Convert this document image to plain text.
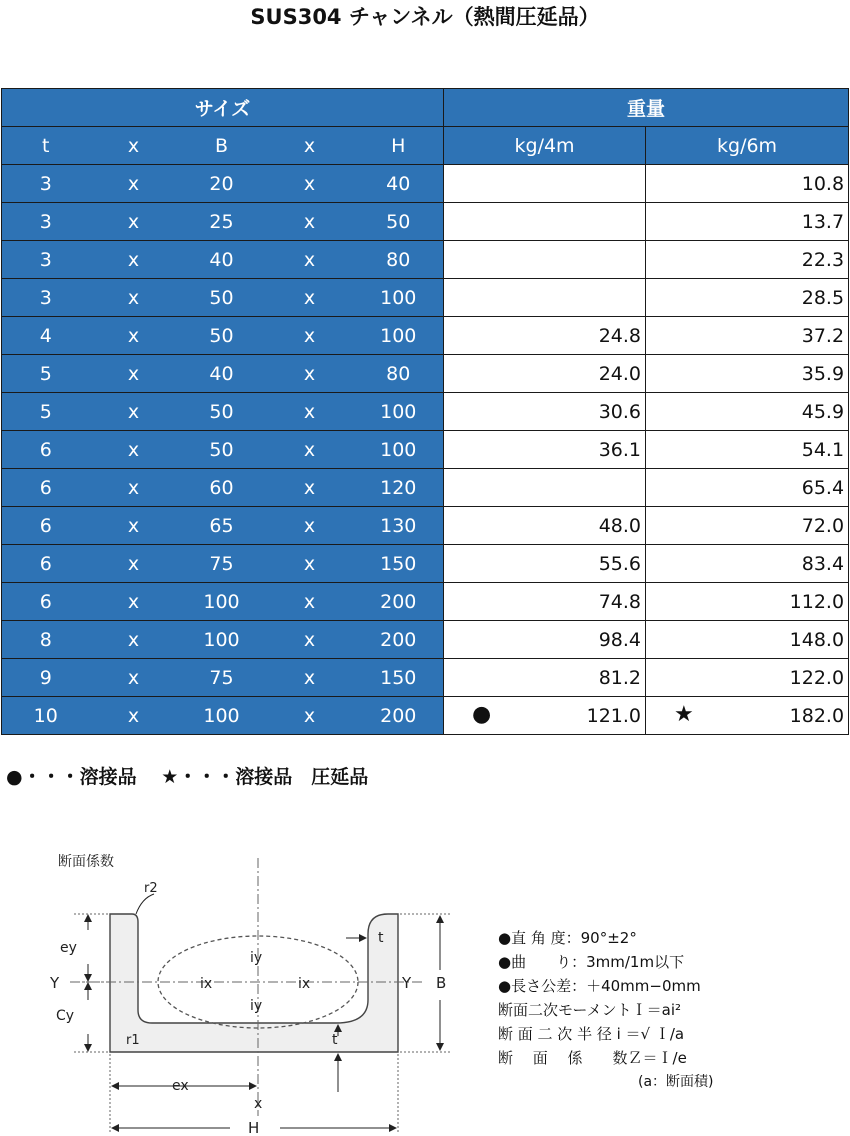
SUS304 チャンネル（熱間圧延品）
サイズ					重量	
t	x	B	x	H	kg/4m	kg/6m
3	x	20	x	40		10.8
3	x	25	x	50		13.7
3	x	40	x	80		22.3
3	x	50	x	100		28.5
4	x	50	x	100	24.8	37.2
5	x	40	x	80	24.0	35.9
5	x	50	x	100	30.6	45.9
6	x	50	x	100	36.1	54.1
6	x	60	x	120		65.4
6	x	65	x	130	48.0	72.0
6	x	75	x	150	55.6	83.4
6	x	100	x	200	74.8	112.0
8	x	100	x	200	98.4	148.0
9	x	75	x	150	81.2	122.0
10	x	100	x	200	● 121.0	★ 182.0
●・・・溶接品 ★・・・溶接品　圧延品
断面係数
r2
r1
ey
Cy
Y	Y
iy
iy
ix	ix
t
t
B
ex
x
H
●直 角 度：90°±2°
●曲　　り：3mm/1m以下
●長さ公差：＋40mm−0mm
断面二次モーメントＩ＝ai²
断 面 二 次 半 径 i ＝√ Ｉ/a
断　 面　 係　　数Ｚ＝Ｉ/e
(a：断面積)
